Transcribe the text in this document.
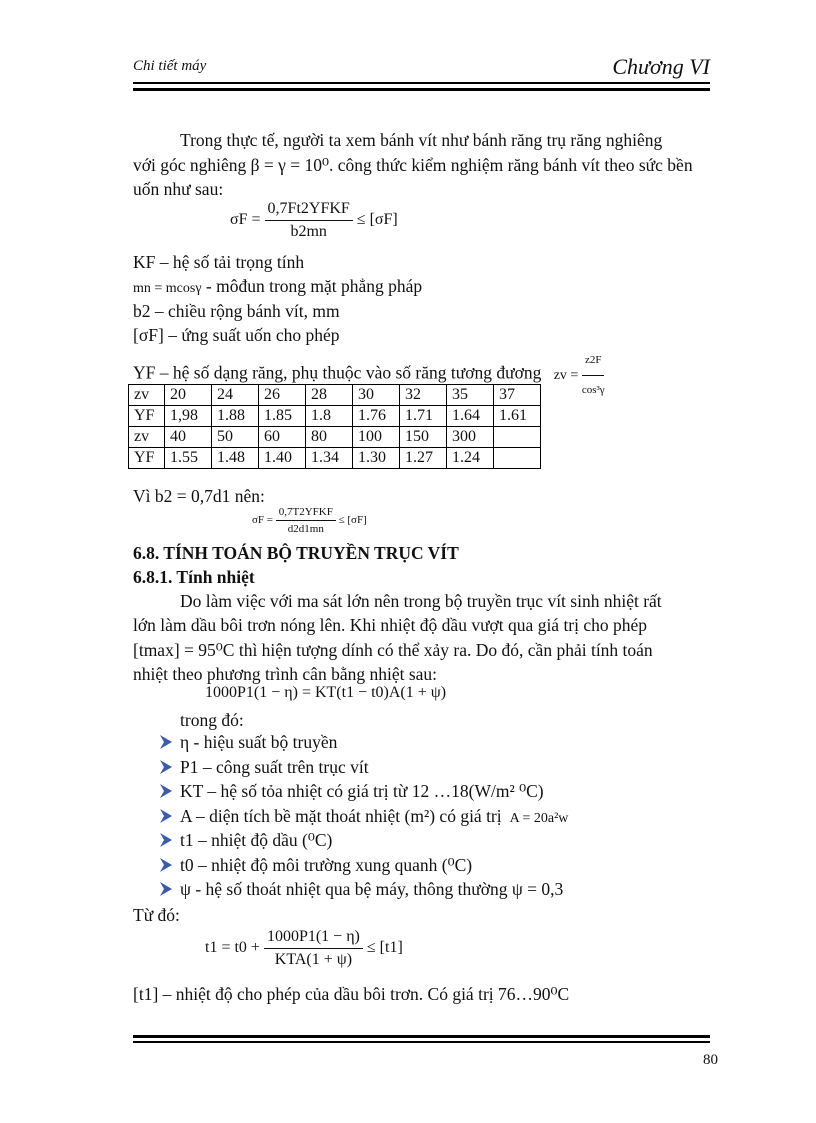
Chi tiết máy	Chương VI
Trong thực tế, người ta xem bánh vít như bánh răng trụ răng nghiêng
với góc nghiêng β = γ = 10⁰. công thức kiểm nghiệm răng bánh vít theo sức bền
uốn như sau:
$\sigma F = \frac{\text{0,7Ft2YFKF}}{b2mn} \le [\sigma F]$
KF – hệ số tải trọng tính
mn = mcosγ - môđun trong mặt phẳng pháp
b2 – chiều rộng bánh vít, mm
[σF] – ứng suất uốn cho phép
YF – hệ số dạng răng, phụ thuộc vào số răng tương đương zv = $\frac{z2F}{\text{cos³γ}}$
zv	20	24	26	28	30	32	35	37
YF	1,98	1.88	1.85	1.8	1.76	1.71	1.64	1.61
zv	40	50	60	80	100	150	300	
YF	1.55	1.48	1.40	1.34	1.30	1.27	1.24	
Vì b2 = 0,7d1 nên:
$\sigma F = \frac{\text{0,7T2YFKF}}{d2d1mn} \le [\sigma F]$
6.8. TÍNH TOÁN BỘ TRUYỀN TRỤC VÍT
6.8.1. Tính nhiệt
Do làm việc với ma sát lớn nên trong bộ truyền trục vít sinh nhiệt rất
lớn làm dầu bôi trơn nóng lên. Khi nhiệt độ dầu vượt qua giá trị cho phép
[tmax] = 95⁰C thì hiện tượng dính có thể xảy ra. Do đó, cần phải tính toán
nhiệt theo phương trình cân bằng nhiệt sau:
1000P1(1 − η) = KT(t1 − t0)A(1 + ψ)
trong đó:
η - hiệu suất bộ truyền
P1 – công suất trên trục vít
KT – hệ số tỏa nhiệt có giá trị từ 12 …18(W/m² ⁰C)
A – diện tích bề mặt thoát nhiệt (m²) có giá trị A = 20a²w
t1 – nhiệt độ dầu (⁰C)
t0 – nhiệt độ môi trường xung quanh (⁰C)
ψ - hệ số thoát nhiệt qua bệ máy, thông thường ψ = 0,3
Từ đó:
$t1 = t0 + \frac{1000P1(1 - \eta)}{\text{KTA(1 + ψ)}} \le [t1]$
[t1] – nhiệt độ cho phép của dầu bôi trơn. Có giá trị 76…90⁰C
80
